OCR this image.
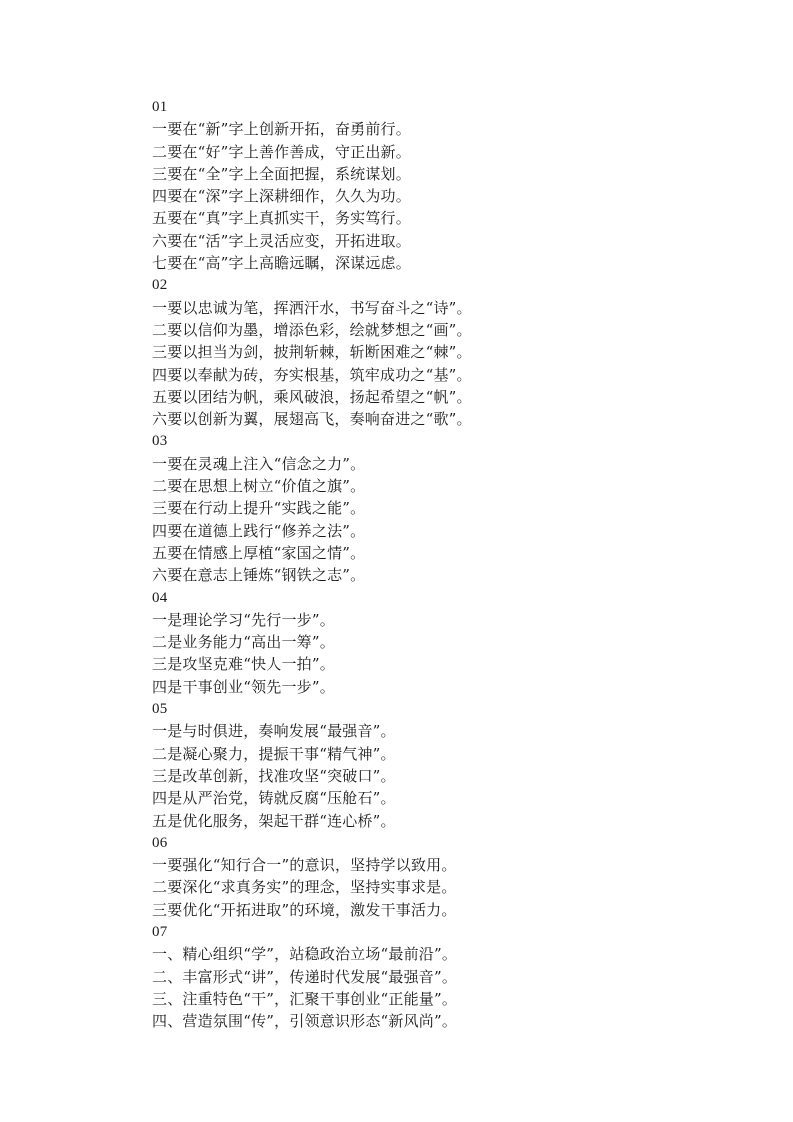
01
一要在“新”字上创新开拓，奋勇前行。
二要在“好”字上善作善成，守正出新。
三要在“全”字上全面把握，系统谋划。
四要在“深”字上深耕细作，久久为功。
五要在“真”字上真抓实干，务实笃行。
六要在“活”字上灵活应变，开拓进取。
七要在“高”字上高瞻远瞩，深谋远虑。
02
一要以忠诚为笔，挥洒汗水，书写奋斗之“诗”。
二要以信仰为墨，增添色彩，绘就梦想之“画”。
三要以担当为剑，披荆斩棘，斩断困难之“棘”。
四要以奉献为砖，夯实根基，筑牢成功之“基”。
五要以团结为帆，乘风破浪，扬起希望之“帆”。
六要以创新为翼，展翅高飞，奏响奋进之“歌”。
03
一要在灵魂上注入“信念之力”。
二要在思想上树立“价值之旗”。
三要在行动上提升“实践之能”。
四要在道德上践行“修养之法”。
五要在情感上厚植“家国之情”。
六要在意志上锤炼“钢铁之志”。
04
一是理论学习“先行一步”。
二是业务能力“高出一筹”。
三是攻坚克难“快人一拍”。
四是干事创业“领先一步”。
05
一是与时俱进，奏响发展“最强音”。
二是凝心聚力，提振干事“精气神”。
三是改革创新，找准攻坚“突破口”。
四是从严治党，铸就反腐“压舱石”。
五是优化服务，架起干群“连心桥”。
06
一要强化“知行合一”的意识，坚持学以致用。
二要深化“求真务实”的理念，坚持实事求是。
三要优化“开拓进取”的环境，激发干事活力。
07
一、精心组织“学”，站稳政治立场“最前沿”。
二、丰富形式“讲”，传递时代发展“最强音”。
三、注重特色“干”，汇聚干事创业“正能量”。
四、营造氛围“传”，引领意识形态“新风尚”。
